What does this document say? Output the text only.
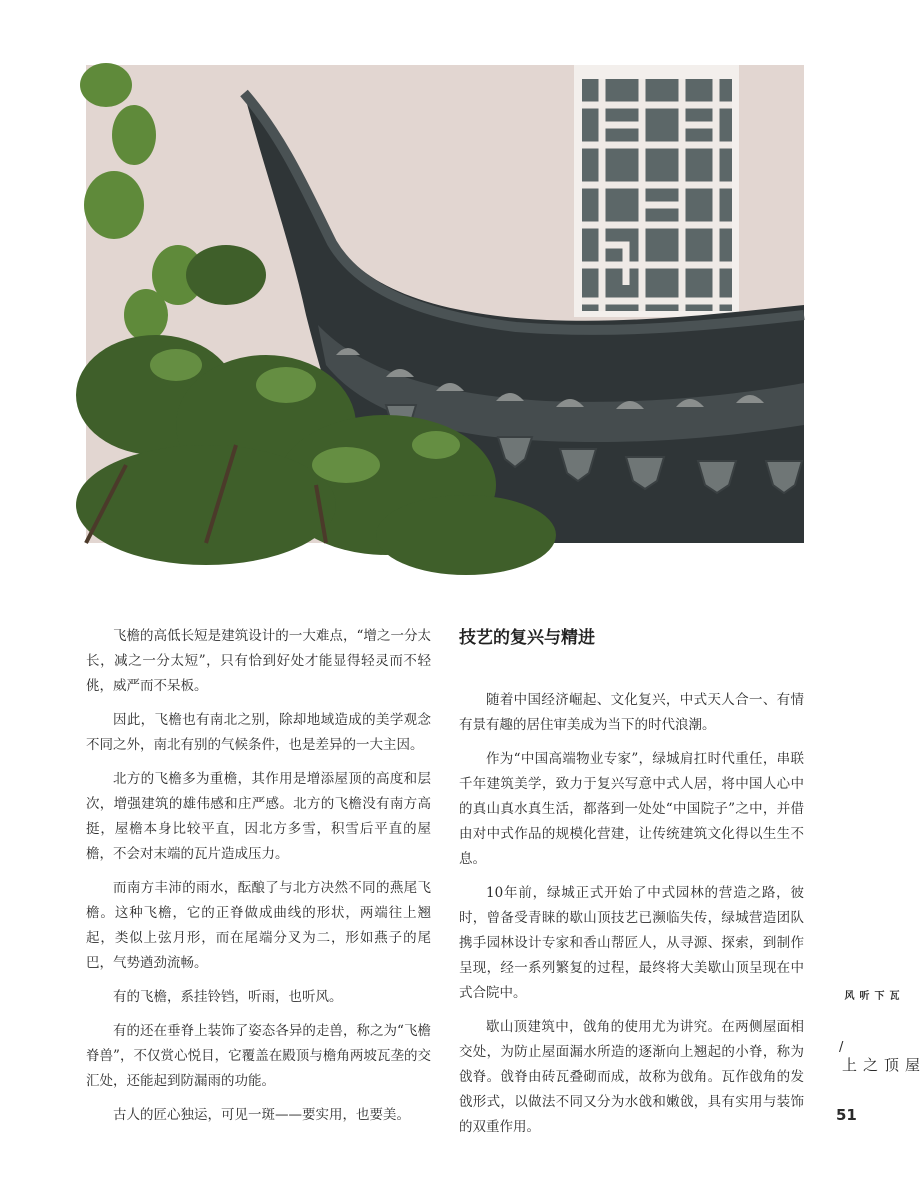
飞檐的高低长短是建筑设计的一大难点，“增之一分太长，减之一分太短”，只有恰到好处才能显得轻灵而不轻佻，威严而不呆板。

因此，飞檐也有南北之别，除却地域造成的美学观念不同之外，南北有别的气候条件，也是差异的一大主因。

北方的飞檐多为重檐，其作用是增添屋顶的高度和层次，增强建筑的雄伟感和庄严感。北方的飞檐没有南方高挺，屋檐本身比较平直，因北方多雪，积雪后平直的屋檐，不会对末端的瓦片造成压力。

而南方丰沛的雨水，酝酿了与北方决然不同的燕尾飞檐。这种飞檐，它的正脊做成曲线的形状，两端往上翘起，类似上弦月形，而在尾端分叉为二，形如燕子的尾巴，气势遒劲流畅。

有的飞檐，系挂铃铛，听雨，也听风。

有的还在垂脊上装饰了姿态各异的走兽，称之为“飞檐脊兽”，不仅赏心悦目，它覆盖在殿顶与檐角两坡瓦垄的交汇处，还能起到防漏雨的功能。

古人的匠心独运，可见一斑——要实用，也要美。

技艺的复兴与精进

随着中国经济崛起、文化复兴，中式天人合一、有情有景有趣的居住审美成为当下的时代浪潮。

作为“中国高端物业专家”，绿城肩扛时代重任，串联千年建筑美学，致力于复兴写意中式人居，将中国人心中的真山真水真生活，都落到一处处“中国院子”之中，并借由对中式作品的规模化营建，让传统建筑文化得以生生不息。

10年前，绿城正式开始了中式园林的营造之路，彼时，曾备受青睐的歇山顶技艺已濒临失传，绿城营造团队携手园林设计专家和香山帮匠人，从寻源、探索，到制作呈现，经一系列繁复的过程，最终将大美歇山顶呈现在中式合院中。

歇山顶建筑中，戗角的使用尤为讲究。在两侧屋面相交处，为防止屋面漏水所造的逐渐向上翘起的小脊，称为戗脊。戗脊由砖瓦叠砌而成，故称为戗角。瓦作戗角的发戗形式，以做法不同又分为水戗和嫩戗，具有实用与装饰的双重作用。

瓦下听风
/
屋顶之上
51
